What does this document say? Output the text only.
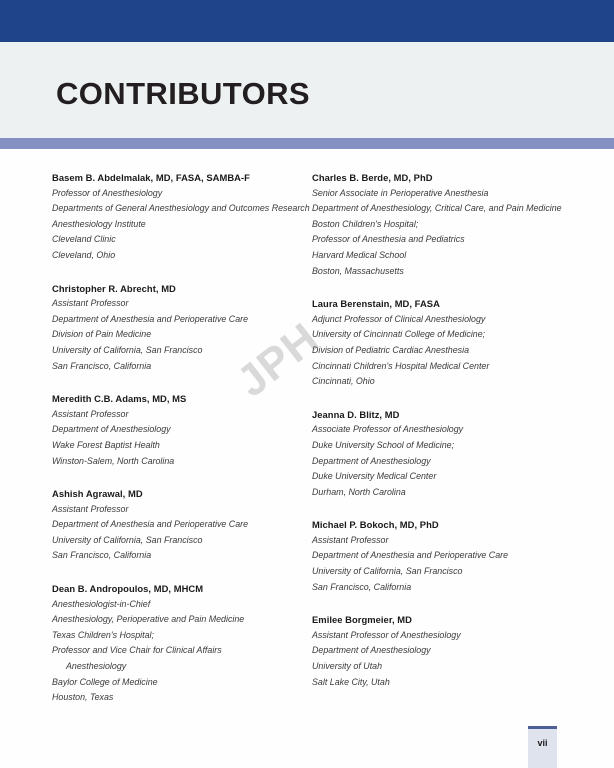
CONTRIBUTORS
JPH
Basem B. Abdelmalak, MD, FASA, SAMBA-F
Professor of Anesthesiology
Departments of General Anesthesiology and Outcomes Research
Anesthesiology Institute
Cleveland Clinic
Cleveland, Ohio
Christopher R. Abrecht, MD
Assistant Professor
Department of Anesthesia and Perioperative Care
Division of Pain Medicine
University of California, San Francisco
San Francisco, California
Meredith C.B. Adams, MD, MS
Assistant Professor
Department of Anesthesiology
Wake Forest Baptist Health
Winston-Salem, North Carolina
Ashish Agrawal, MD
Assistant Professor
Department of Anesthesia and Perioperative Care
University of California, San Francisco
San Francisco, California
Dean B. Andropoulos, MD, MHCM
Anesthesiologist-in-Chief
Anesthesiology, Perioperative and Pain Medicine
Texas Children's Hospital;
Professor and Vice Chair for Clinical Affairs
Anesthesiology
Baylor College of Medicine
Houston, Texas
Charles B. Berde, MD, PhD
Senior Associate in Perioperative Anesthesia
Department of Anesthesiology, Critical Care, and Pain Medicine
Boston Children's Hospital;
Professor of Anesthesia and Pediatrics
Harvard Medical School
Boston, Massachusetts
Laura Berenstain, MD, FASA
Adjunct Professor of Clinical Anesthesiology
University of Cincinnati College of Medicine;
Division of Pediatric Cardiac Anesthesia
Cincinnati Children's Hospital Medical Center
Cincinnati, Ohio
Jeanna D. Blitz, MD
Associate Professor of Anesthesiology
Duke University School of Medicine;
Department of Anesthesiology
Duke University Medical Center
Durham, North Carolina
Michael P. Bokoch, MD, PhD
Assistant Professor
Department of Anesthesia and Perioperative Care
University of California, San Francisco
San Francisco, California
Emilee Borgmeier, MD
Assistant Professor of Anesthesiology
Department of Anesthesiology
University of Utah
Salt Lake City, Utah
vii
